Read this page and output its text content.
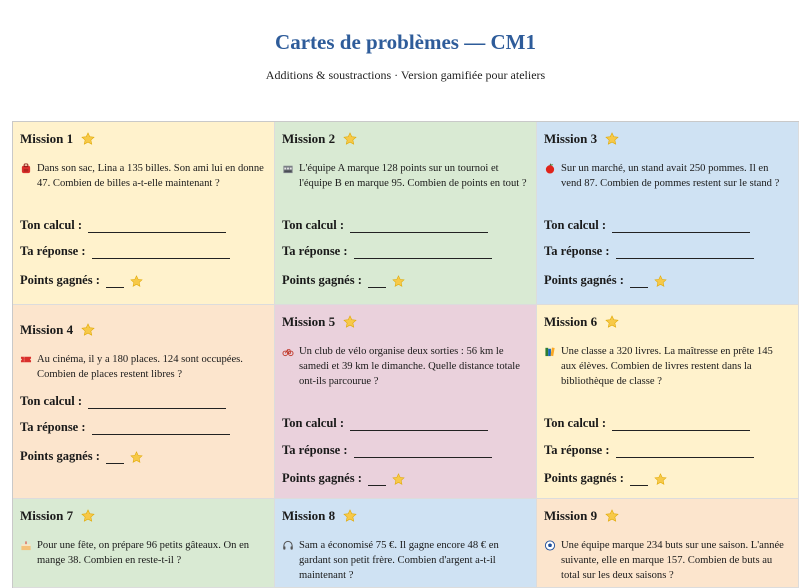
Cartes de problèmes — CM1
Additions & soustractions · Version gamifiée pour ateliers
Mission 1
Dans son sac, Lina a 135 billes. Son ami lui en donne 47. Combien de billes a-t-elle maintenant ?
Ton calcul :
Ta réponse :
Points gagnés :
Mission 2
L'équipe A marque 128 points sur un tournoi et l'équipe B en marque 95. Combien de points en tout ?
Ton calcul :
Ta réponse :
Points gagnés :
Mission 3
Sur un marché, un stand avait 250 pommes. Il en vend 87. Combien de pommes restent sur le stand ?
Ton calcul :
Ta réponse :
Points gagnés :
Mission 4
Au cinéma, il y a 180 places. 124 sont occupées. Combien de places restent libres ?
Ton calcul :
Ta réponse :
Points gagnés :
Mission 5
Un club de vélo organise deux sorties : 56 km le samedi et 39 km le dimanche. Quelle distance totale ont-ils parcourue ?
Ton calcul :
Ta réponse :
Points gagnés :
Mission 6
Une classe a 320 livres. La maîtresse en prête 145 aux élèves. Combien de livres restent dans la bibliothèque de classe ?
Ton calcul :
Ta réponse :
Points gagnés :
Mission 7
Pour une fête, on prépare 96 petits gâteaux. On en mange 38. Combien en reste-t-il ?
Mission 8
Sam a économisé 75 €. Il gagne encore 48 € en gardant son petit frère. Combien d'argent a-t-il maintenant ?
Mission 9
Une équipe marque 234 buts sur une saison. L'année suivante, elle en marque 157. Combien de buts au total sur les deux saisons ?
